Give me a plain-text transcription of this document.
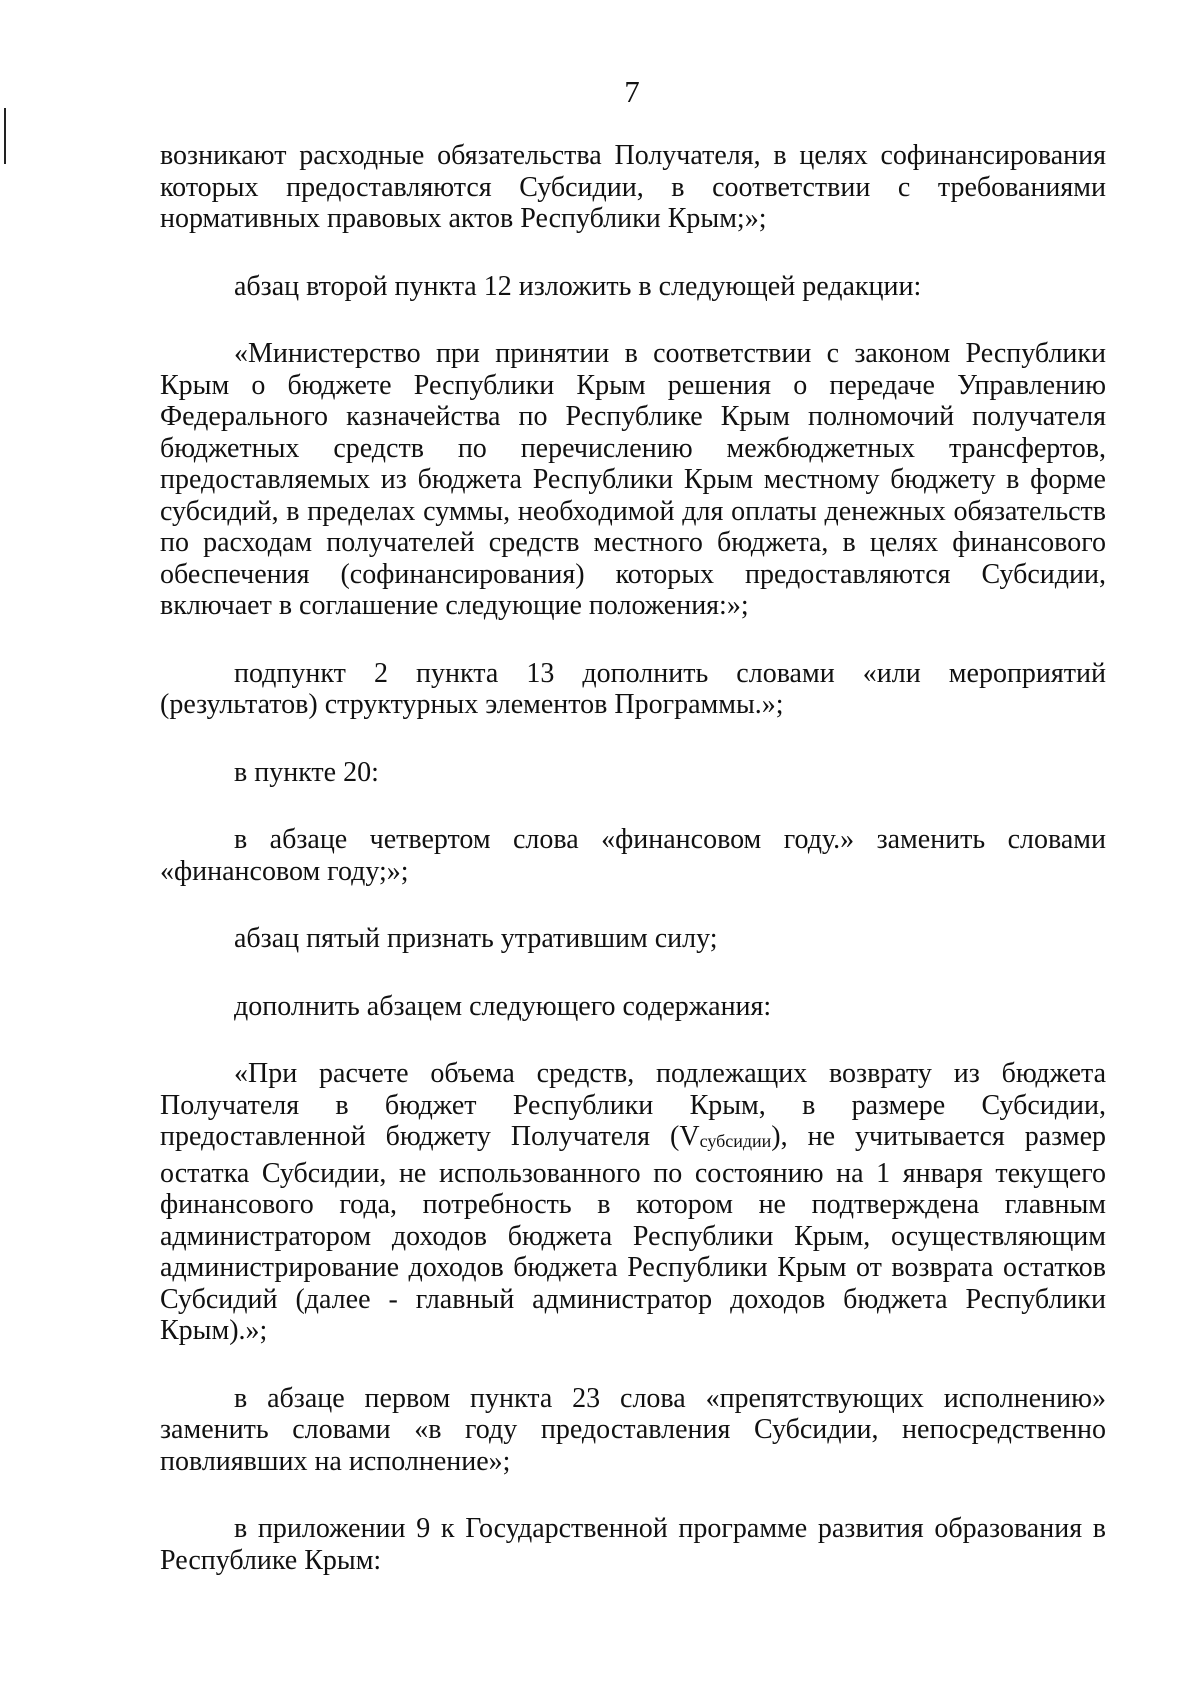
7

возникают расходные обязательства Получателя, в целях софинансирования которых предоставляются Субсидии, в соответствии с требованиями нормативных правовых актов Республики Крым;»;

абзац второй пункта 12 изложить в следующей редакции:

«Министерство при принятии в соответствии с законом Республики Крым о бюджете Республики Крым решения о передаче Управлению Федерального казначейства по Республике Крым полномочий получателя бюджетных средств по перечислению межбюджетных трансфертов, предоставляемых из бюджета Республики Крым местному бюджету в форме субсидий, в пределах суммы, необходимой для оплаты денежных обязательств по расходам получателей средств местного бюджета, в целях финансового обеспечения (софинансирования) которых предоставляются Субсидии, включает в соглашение следующие положения:»;

подпункт 2 пункта 13 дополнить словами «или мероприятий (результатов) структурных элементов Программы.»;

в пункте 20:

в абзаце четвертом слова «финансовом году.» заменить словами «финансовом году;»;

абзац пятый признать утратившим силу;

дополнить абзацем следующего содержания:

«При расчете объема средств, подлежащих возврату из бюджета Получателя в бюджет Республики Крым, в размере Субсидии, предоставленной бюджету Получателя $(V_{субсидии})$, не учитывается размер остатка Субсидии, не использованного по состоянию на 1 января текущего финансового года, потребность в котором не подтверждена главным администратором доходов бюджета Республики Крым, осуществляющим администрирование доходов бюджета Республики Крым от возврата остатков Субсидий (далее - главный администратор доходов бюджета Республики Крым).»;

в абзаце первом пункта 23 слова «препятствующих исполнению» заменить словами «в году предоставления Субсидии, непосредственно повлиявших на исполнение»;

в приложении 9 к Государственной программе развития образования в Республике Крым:
